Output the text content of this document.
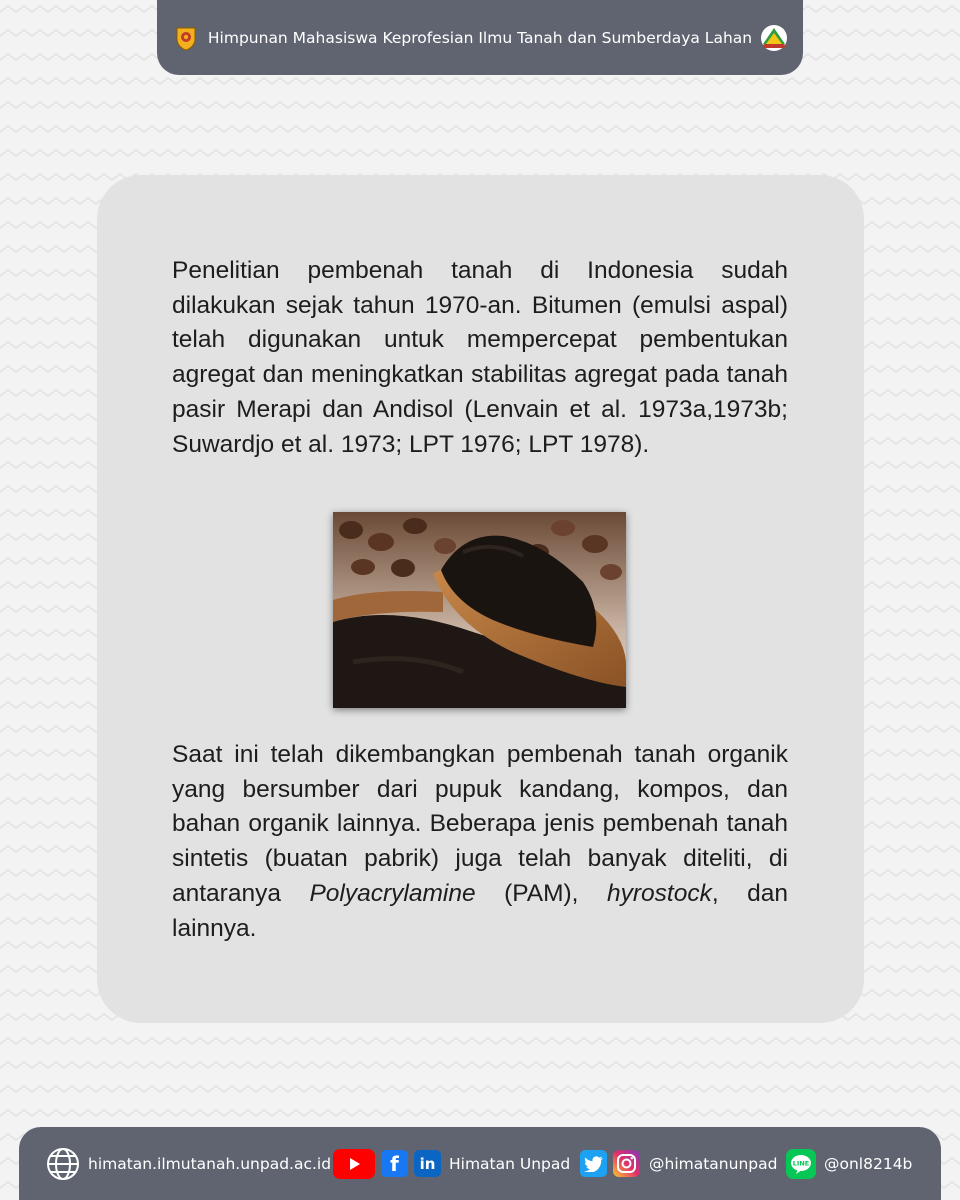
Himpunan Mahasiswa Keprofesian Ilmu Tanah dan Sumberdaya Lahan

Penelitian pembenah tanah di Indonesia sudah dilakukan sejak tahun 1970-an. Bitumen (emulsi aspal) telah digunakan untuk mempercepat pembentukan agregat dan meningkatkan stabilitas agregat pada tanah pasir Merapi dan Andisol (Lenvain et al. 1973a,1973b; Suwardjo et al. 1973; LPT 1976; LPT 1978).

Saat ini telah dikembangkan pembenah tanah organik yang bersumber dari pupuk kandang, kompos, dan bahan organik lainnya. Beberapa jenis pembenah tanah sintetis (buatan pabrik) juga telah banyak diteliti, di antaranya Polyacrylamine (PAM), hyrostock, dan lainnya.

himatan.ilmutanah.unpad.ac.id	f	in Himatan Unpad	@himatanunpad LINE @onl8214b
